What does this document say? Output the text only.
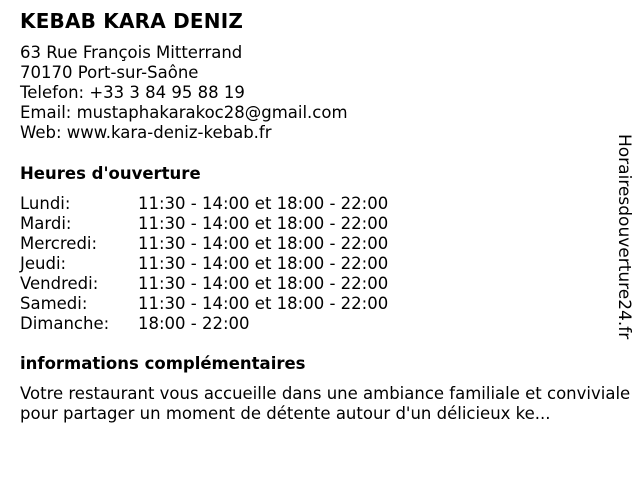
KEBAB KARA DENIZ
63 Rue François Mitterrand
70170 Port-sur-Saône
Telefon: +33 3 84 95 88 19
Email: mustaphakarakoc28@gmail.com
Web: www.kara-deniz-kebab.fr
Heures d'ouverture
Lundi:	11:30 - 14:00 et 18:00 - 22:00
Mardi:	11:30 - 14:00 et 18:00 - 22:00
Mercredi:	11:30 - 14:00 et 18:00 - 22:00
Jeudi:	11:30 - 14:00 et 18:00 - 22:00
Vendredi:	11:30 - 14:00 et 18:00 - 22:00
Samedi:	11:30 - 14:00 et 18:00 - 22:00
Dimanche:	18:00 - 22:00
informations complémentaires
Votre restaurant vous accueille dans une ambiance familiale et conviviale pour partager un moment de détente autour d'un délicieux ke...
Horairesdouverture24.fr
